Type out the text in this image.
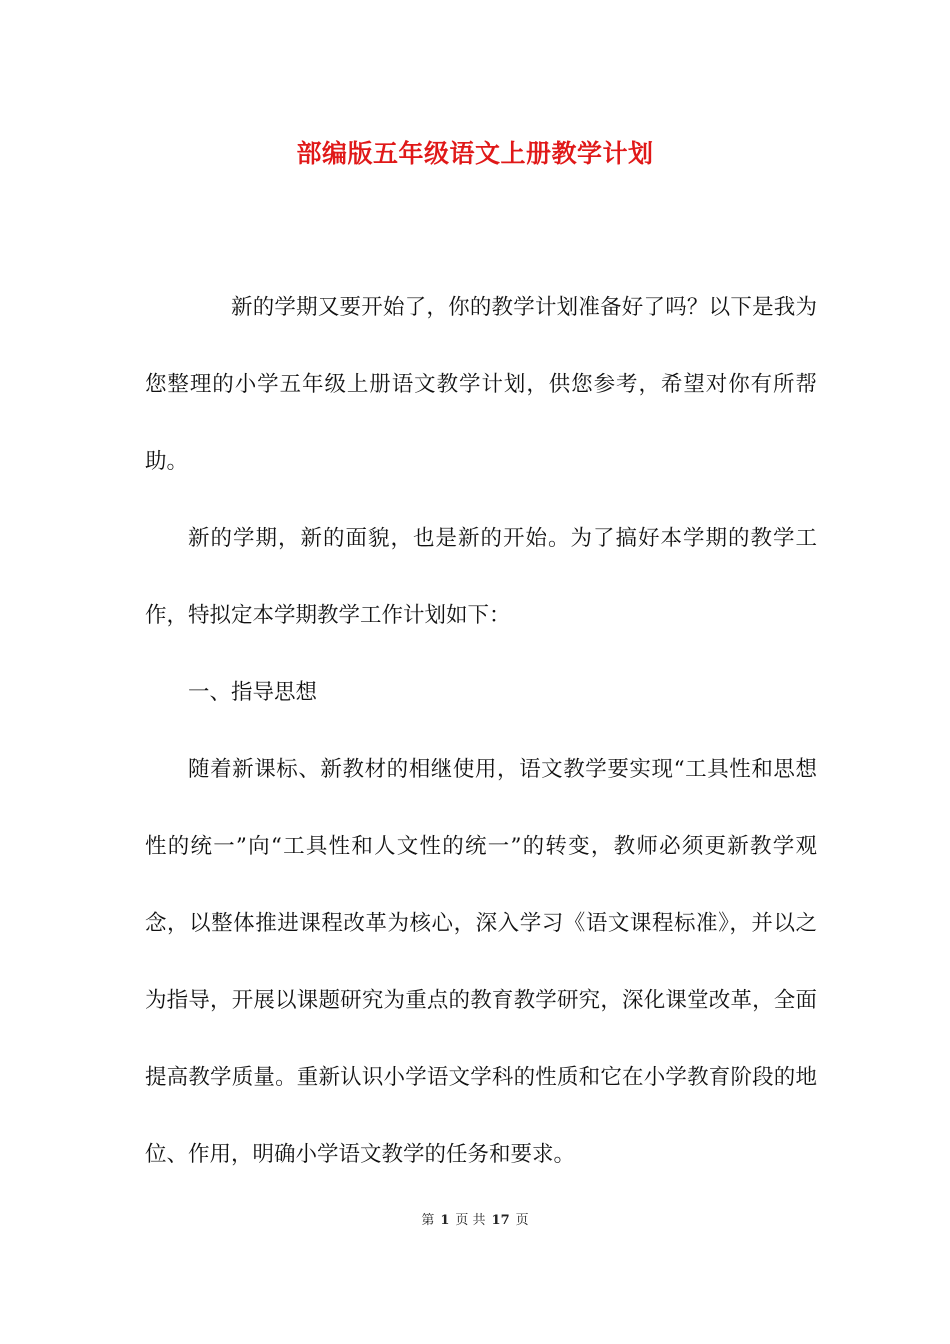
部编版五年级语文上册教学计划

新的学期又要开始了，你的教学计划准备好了吗？以下是我为您整理的小学五年级上册语文教学计划，供您参考，希望对你有所帮助。

新的学期，新的面貌，也是新的开始。为了搞好本学期的教学工作，特拟定本学期教学工作计划如下：

一、指导思想

随着新课标、新教材的相继使用，语文教学要实现“工具性和思想性的统一”向“工具性和人文性的统一”的转变，教师必须更新教学观念，以整体推进课程改革为核心，深入学习《语文课程标准》，并以之为指导，开展以课题研究为重点的教育教学研究，深化课堂改革，全面提高教学质量。重新认识小学语文学科的性质和它在小学教育阶段的地位、作用，明确小学语文教学的任务和要求。

第 1 页 共 17 页
